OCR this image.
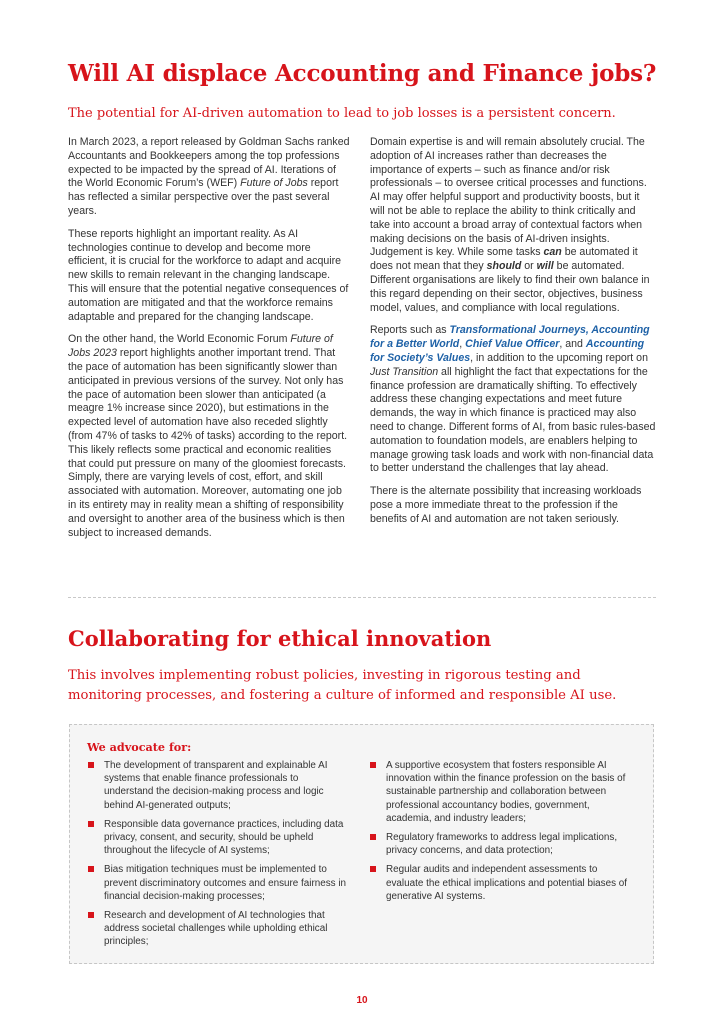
Will AI displace Accounting and Finance jobs?

The potential for AI-driven automation to lead to job losses is a persistent concern.

In March 2023, a report released by Goldman Sachs ranked Accountants and Bookkeepers among the top professions expected to be impacted by the spread of AI. Iterations of the World Economic Forum’s (WEF) Future of Jobs report has reflected a similar perspective over the past several years.

These reports highlight an important reality. As AI technologies continue to develop and become more efficient, it is crucial for the workforce to adapt and acquire new skills to remain relevant in the changing landscape. This will ensure that the potential negative consequences of automation are mitigated and that the workforce remains adaptable and prepared for the changing landscape.

On the other hand, the World Economic Forum Future of Jobs 2023 report highlights another important trend. That the pace of automation has been significantly slower than anticipated in previous versions of the survey. Not only has the pace of automation been slower than anticipated (a meagre 1% increase since 2020), but estimations in the expected level of automation have also receded slightly (from 47% of tasks to 42% of tasks) according to the report. This likely reflects some practical and economic realities that could put pressure on many of the gloomiest forecasts. Simply, there are varying levels of cost, effort, and skill associated with automation. Moreover, automating one job in its entirety may in reality mean a shifting of responsibility and oversight to another area of the business which is then subject to increased demands.

Domain expertise is and will remain absolutely crucial. The adoption of AI increases rather than decreases the importance of experts – such as finance and/or risk professionals – to oversee critical processes and functions. AI may offer helpful support and productivity boosts, but it will not be able to replace the ability to think critically and take into account a broad array of contextual factors when making decisions on the basis of AI-driven insights. Judgement is key. While some tasks can be automated it does not mean that they should or will be automated. Different organisations are likely to find their own balance in this regard depending on their sector, objectives, business model, values, and compliance with local regulations.

Reports such as Transformational Journeys, Accounting for a Better World, Chief Value Officer, and Accounting for Society’s Values, in addition to the upcoming report on Just Transition all highlight the fact that expectations for the finance profession are dramatically shifting. To effectively address these changing expectations and meet future demands, the way in which finance is practiced may also need to change. Different forms of AI, from basic rules-based automation to foundation models, are enablers helping to manage growing task loads and work with non-financial data to better understand the challenges that lay ahead.

There is the alternate possibility that increasing workloads pose a more immediate threat to the profession if the benefits of AI and automation are not taken seriously.

Collaborating for ethical innovation

This involves implementing robust policies, investing in rigorous testing and monitoring processes, and fostering a culture of informed and responsible AI use.

We advocate for:

The development of transparent and explainable AI systems that enable finance professionals to understand the decision-making process and logic behind AI-generated outputs;
Responsible data governance practices, including data privacy, consent, and security, should be upheld throughout the lifecycle of AI systems;
Bias mitigation techniques must be implemented to prevent discriminatory outcomes and ensure fairness in financial decision-making processes;
Research and development of AI technologies that address societal challenges while upholding ethical principles;
A supportive ecosystem that fosters responsible AI innovation within the finance profession on the basis of sustainable partnership and collaboration between professional accountancy bodies, government, academia, and industry leaders;
Regulatory frameworks to address legal implications, privacy concerns, and data protection;
Regular audits and independent assessments to evaluate the ethical implications and potential biases of generative AI systems.
10
